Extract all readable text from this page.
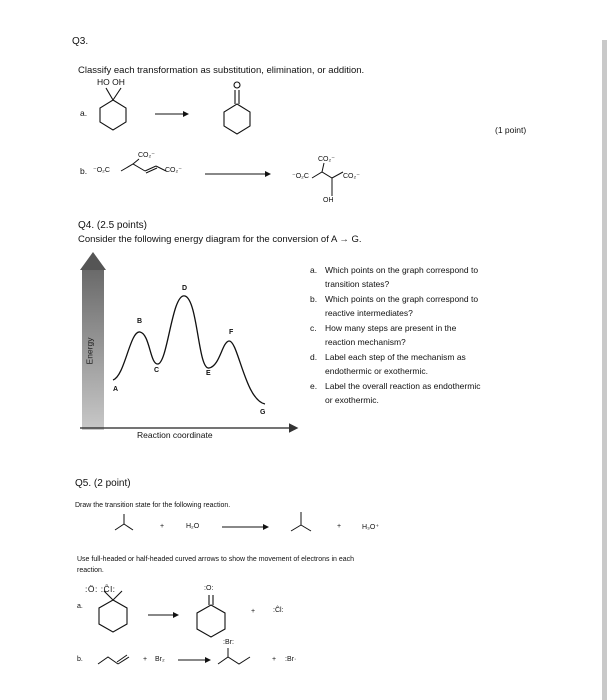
Q3.
Classify each transformation as substitution, elimination, or addition.
HO OH
a.
(1 point)
b. ⁻O₂C
CO₂⁻
CO₂⁻
CO₂⁻
⁻O₂C	CO₂⁻
OH
Q4. (2.5 points)
Consider the following energy diagram for the conversion of A → G.
Energy
Reaction coordinate
A
B
C
D
E
F
G
a. Which points on the graph correspond to
transition states?
b. Which points on the graph correspond to
reactive intermediates?
c. How many steps are present in the
reaction mechanism?
d. Label each step of the mechanism as
endothermic or exothermic.
e. Label the overall reaction as endothermic
or exothermic.
Q5. (2 point)
Draw the transition state for the following reaction.
+	H₂O	+	H₃O⁺
Use full-headed or half-headed curved arrows to show the movement of electrons in each
reaction.
:Ö: :Ċ̈l:
a.
:O:
+	:Ċ̈l:
b.	+ Br₂
:Br:
+ :Br·
